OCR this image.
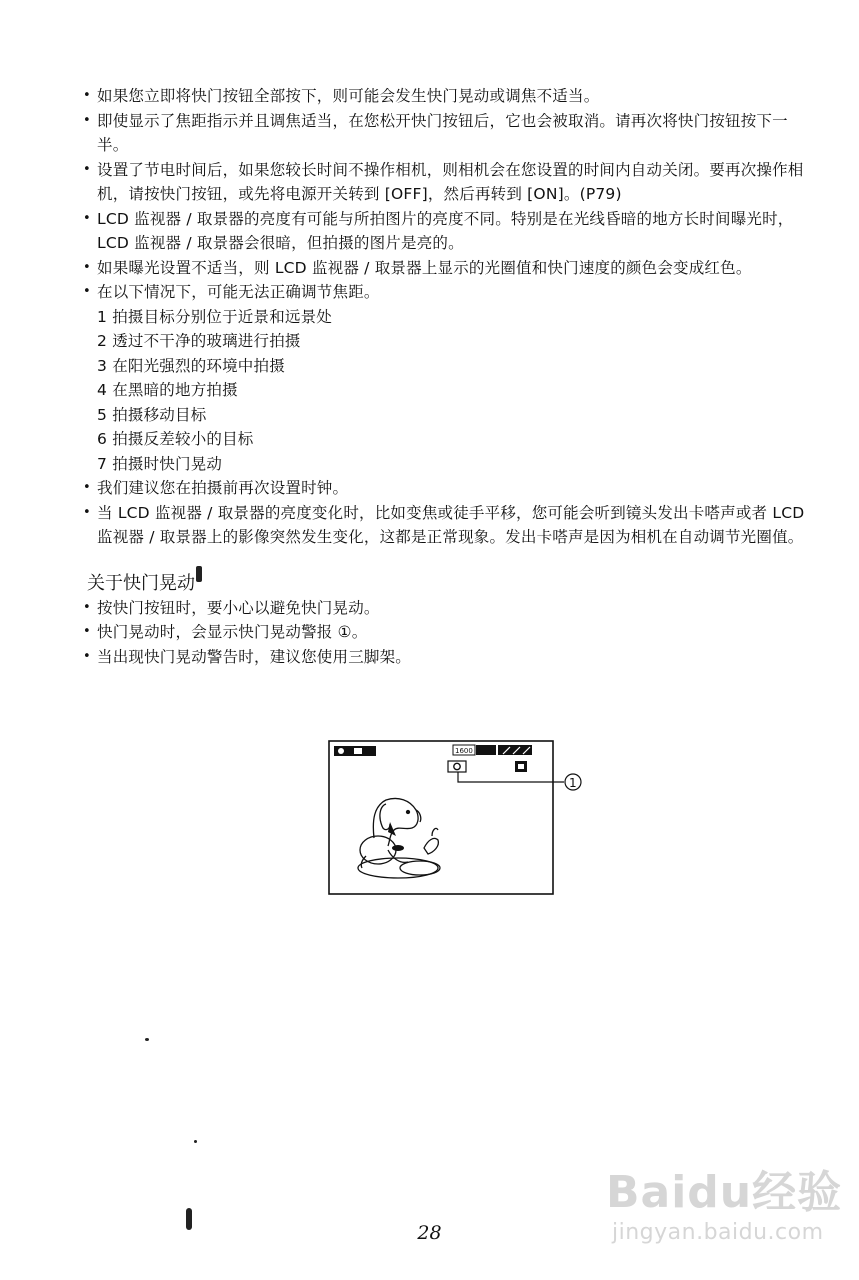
• 如果您立即将快门按钮全部按下，则可能会发生快门晃动或调焦不适当。
• 即使显示了焦距指示并且调焦适当，在您松开快门按钮后，它也会被取消。请再次将快门按钮按下一半。
• 设置了节电时间后，如果您较长时间不操作相机，则相机会在您设置的时间内自动关闭。要再次操作相机，请按快门按钮，或先将电源开关转到 [OFF]，然后再转到 [ON]。(P79)
• LCD 监视器 / 取景器的亮度有可能与所拍图片的亮度不同。特别是在光线昏暗的地方长时间曝光时，LCD 监视器 / 取景器会很暗，但拍摄的图片是亮的。
• 如果曝光设置不适当，则 LCD 监视器 / 取景器上显示的光圈值和快门速度的颜色会变成红色。
• 在以下情况下，可能无法正确调节焦距。
1 拍摄目标分别位于近景和远景处
2 透过不干净的玻璃进行拍摄
3 在阳光强烈的环境中拍摄
4 在黑暗的地方拍摄
5 拍摄移动目标
6 拍摄反差较小的目标
7 拍摄时快门晃动
• 我们建议您在拍摄前再次设置时钟。
• 当 LCD 监视器 / 取景器的亮度变化时，比如变焦或徒手平移，您可能会听到镜头发出卡嗒声或者 LCD 监视器 / 取景器上的影像突然发生变化，这都是正常现象。发出卡嗒声是因为相机在自动调节光圈值。
关于快门晃动
• 按快门按钮时，要小心以避免快门晃动。
• 快门晃动时，会显示快门晃动警报 ①。
• 当出现快门晃动警告时，建议您使用三脚架。
1600
1
28
Baidu经验
jingyan.baidu.com
